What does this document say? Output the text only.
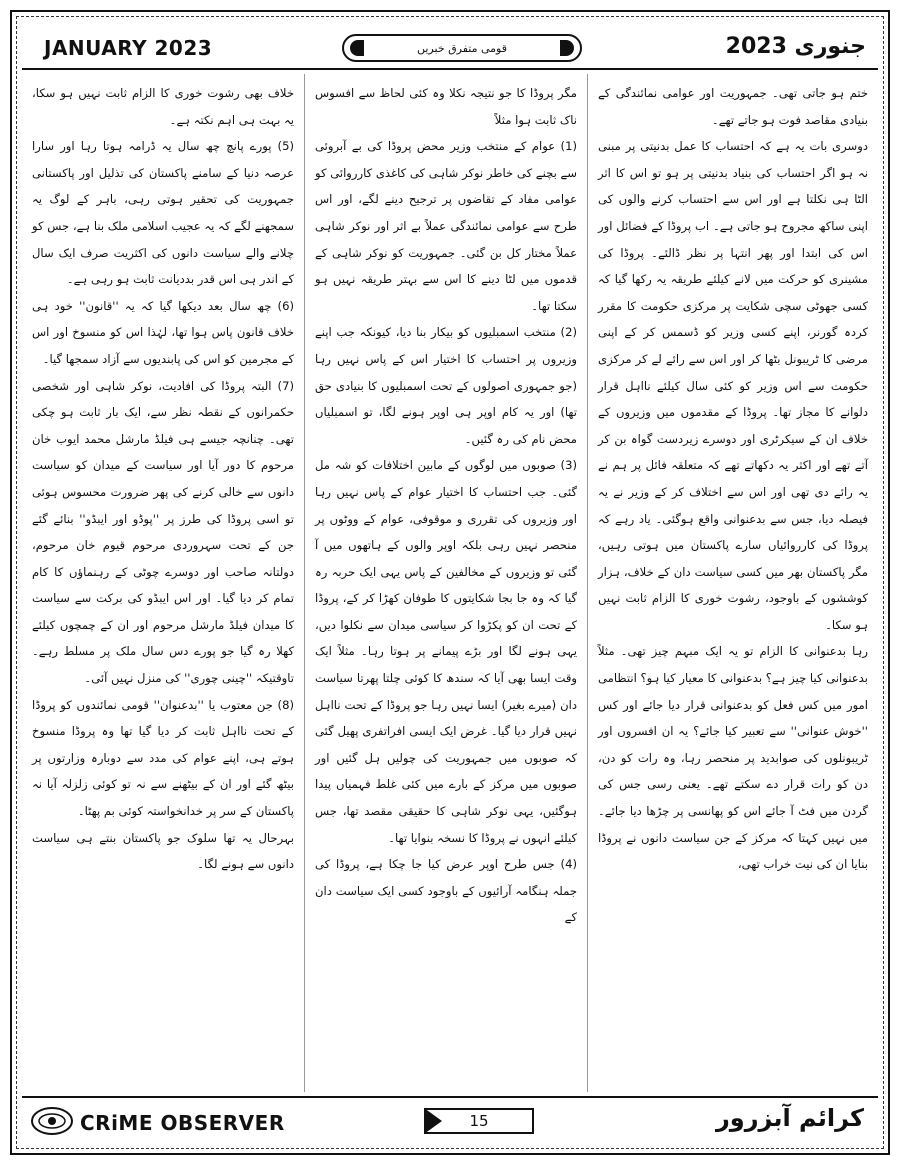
JANUARY 2023	قومی متفرق خبریں	جنوری 2023

ختم ہو جاتی تھی۔ جمہوریت اور عوامی نمائندگی کے بنیادی مقاصد فوت ہو جاتے تھے۔

دوسری بات یہ ہے کہ احتساب کا عمل بدنیتی پر مبنی نہ ہو اگر احتساب کی بنیاد بدنیتی پر ہو تو اس کا اثر الٹا ہی نکلتا ہے اور اس سے احتساب کرنے والوں کی اپنی ساکھ مجروح ہو جاتی ہے۔ اب پروڈا کے فضائل اور اس کی ابتدا اور پھر انتہا پر نظر ڈالئے۔ پروڈا کی مشینری کو حرکت میں لانے کیلئے طریقہ یہ رکھا گیا کہ کسی جھوٹی سچی شکایت پر مرکزی حکومت کا مقرر کردہ گورنر، اپنے کسی وزیر کو ڈسمس کر کے اپنی مرضی کا ٹریبونل بٹھا کر اور اس سے رائے لے کر مرکزی حکومت سے اس وزیر کو کئی سال کیلئے نااہل قرار دلوانے کا مجاز تھا۔ پروڈا کے مقدموں میں وزیروں کے خلاف ان کے سیکرٹری اور دوسرے زیردست گواہ بن کر آتے تھے اور اکثر یہ دکھاتے تھے کہ متعلقہ فائل پر ہم نے یہ رائے دی تھی اور اس سے اختلاف کر کے وزیر نے یہ فیصلہ دیا، جس سے بدعنوانی واقع ہوگئی۔ یاد رہے کہ پروڈا کی کارروائیاں سارے پاکستان میں ہوتی رہیں، مگر پاکستان بھر میں کسی سیاست دان کے خلاف، ہزار کوششوں کے باوجود، رشوت خوری کا الزام ثابت نہیں ہو سکا۔

رہا بدعنوانی کا الزام تو یہ ایک مبہم چیز تھی۔ مثلاً بدعنوانی کیا چیز ہے؟ بدعنوانی کا معیار کیا ہو؟ انتظامی امور میں کس فعل کو بدعنوانی قرار دیا جائے اور کس ''خوش عنوانی'' سے تعبیر کیا جائے؟ یہ ان افسروں اور ٹریبونلوں کی صوابدید پر منحصر رہا، وہ رات کو دن، دن کو رات قرار دے سکتے تھے۔ یعنی رسی جس کی گردن میں فٹ آ جائے اس کو پھانسی پر چڑھا دیا جائے۔ میں نہیں کہتا کہ مرکز کے جن سیاست دانوں نے پروڈا بنایا ان کی نیت خراب تھی،

مگر پروڈا کا جو نتیجہ نکلا وہ کئی لحاظ سے افسوس ناک ثابت ہوا مثلاً

(1) عوام کے منتخب وزیر محض پروڈا کی بے آبروئی سے بچنے کی خاطر نوکر شاہی کی کاغذی کارروائی کو عوامی مفاد کے تقاضوں پر ترجیح دینے لگے، اور اس طرح سے عوامی نمائندگی عملاً بے اثر اور نوکر شاہی عملاً مختار کل بن گئی۔ جمہوریت کو نوکر شاہی کے قدموں میں لٹا دینے کا اس سے بہتر طریقہ نہیں ہو سکتا تھا۔

(2) منتخب اسمبلیوں کو بیکار بنا دیا، کیونکہ جب اپنے وزیروں پر احتساب کا اختیار اس کے پاس نہیں رہا (جو جمہوری اصولوں کے تحت اسمبلیوں کا بنیادی حق تھا) اور یہ کام اوپر ہی اوپر ہونے لگا، تو اسمبلیاں محض نام کی رہ گئیں۔

(3) صوبوں میں لوگوں کے مابین اختلافات کو شہ مل گئی۔ جب احتساب کا اختیار عوام کے پاس نہیں رہا اور وزیروں کی تقرری و موقوفی، عوام کے ووٹوں پر منحصر نہیں رہی بلکہ اوپر والوں کے ہاتھوں میں آ گئی تو وزیروں کے مخالفین کے پاس یہی ایک حربہ رہ گیا کہ وہ جا بجا شکایتوں کا طوفان کھڑا کر کے، پروڈا کے تحت ان کو پکڑوا کر سیاسی میدان سے نکلوا دیں، یہی ہونے لگا اور بڑے پیمانے پر ہوتا رہا۔ مثلاً ایک وقت ایسا بھی آیا کہ سندھ کا کوئی چلتا پھرتا سیاست دان (میرے بغیر) ایسا نہیں رہا جو پروڈا کے تحت نااہل نہیں قرار دیا گیا۔ غرض ایک ایسی افراتفری پھیل گئی کہ صوبوں میں جمہوریت کی چولیں ہل گئیں اور صوبوں میں مرکز کے بارے میں کئی غلط فہمیاں پیدا ہوگئیں، یہی نوکر شاہی کا حقیقی مقصد تھا، جس کیلئے انہوں نے پروڈا کا نسخہ بنوایا تھا۔

(4) جس طرح اوپر عرض کیا جا چکا ہے، پروڈا کی جملہ ہنگامہ آرائیوں کے باوجود کسی ایک سیاست دان کے

خلاف بھی رشوت خوری کا الزام ثابت نہیں ہو سکا، یہ بہت ہی اہم نکتہ ہے۔

(5) پورے پانچ چھ سال یہ ڈرامہ ہوتا رہا اور سارا عرصہ دنیا کے سامنے پاکستان کی تذلیل اور پاکستانی جمہوریت کی تحقیر ہوتی رہی، باہر کے لوگ یہ سمجھنے لگے کہ یہ عجیب اسلامی ملک بنا ہے، جس کو چلانے والے سیاست دانوں کی اکثریت صرف ایک سال کے اندر ہی اس قدر بددیانت ثابت ہو رہی ہے۔

(6) چھ سال بعد دیکھا گیا کہ یہ ''قانون'' خود ہی خلاف قانون پاس ہوا تھا، لہٰذا اس کو منسوخ اور اس کے مجرمین کو اس کی پابندیوں سے آزاد سمجھا گیا۔

(7) البتہ پروڈا کی افادیت، نوکر شاہی اور شخصی حکمرانوں کے نقطہ نظر سے، ایک بار ثابت ہو چکی تھی۔ چنانچہ جیسے ہی فیلڈ مارشل محمد ایوب خان مرحوم کا دور آیا اور سیاست کے میدان کو سیاست دانوں سے خالی کرنے کی پھر ضرورت محسوس ہوئی تو اسی پروڈا کی طرز پر ''پوڈو اور ایبڈو'' بنائے گئے جن کے تحت سہروردی مرحوم قیوم خان مرحوم، دولتانہ صاحب اور دوسرے چوٹی کے رہنماؤں کا کام تمام کر دیا گیا۔ اور اس ایبڈو کی برکت سے سیاست کا میدان فیلڈ مارشل مرحوم اور ان کے چمچوں کیلئے کھلا رہ گیا جو پورے دس سال ملک پر مسلط رہے۔ تاوقتیکہ ''چینی چوری'' کی منزل نہیں آئی۔

(8) جن معتوب یا ''بدعنوان'' قومی نمائندوں کو پروڈا کے تحت نااہل ثابت کر دیا گیا تھا وہ پروڈا منسوخ ہوتے ہی، اپنے عوام کی مدد سے دوبارہ وزارتوں پر بیٹھ گئے اور ان کے بیٹھنے سے نہ تو کوئی زلزلہ آیا نہ پاکستان کے سر پر خدانخواستہ کوئی بم پھٹا۔

بہرحال یہ تھا سلوک جو پاکستان بنتے ہی سیاست دانوں سے ہونے لگا۔

CRiME OBSERVER	15	کرائم آبزرور
